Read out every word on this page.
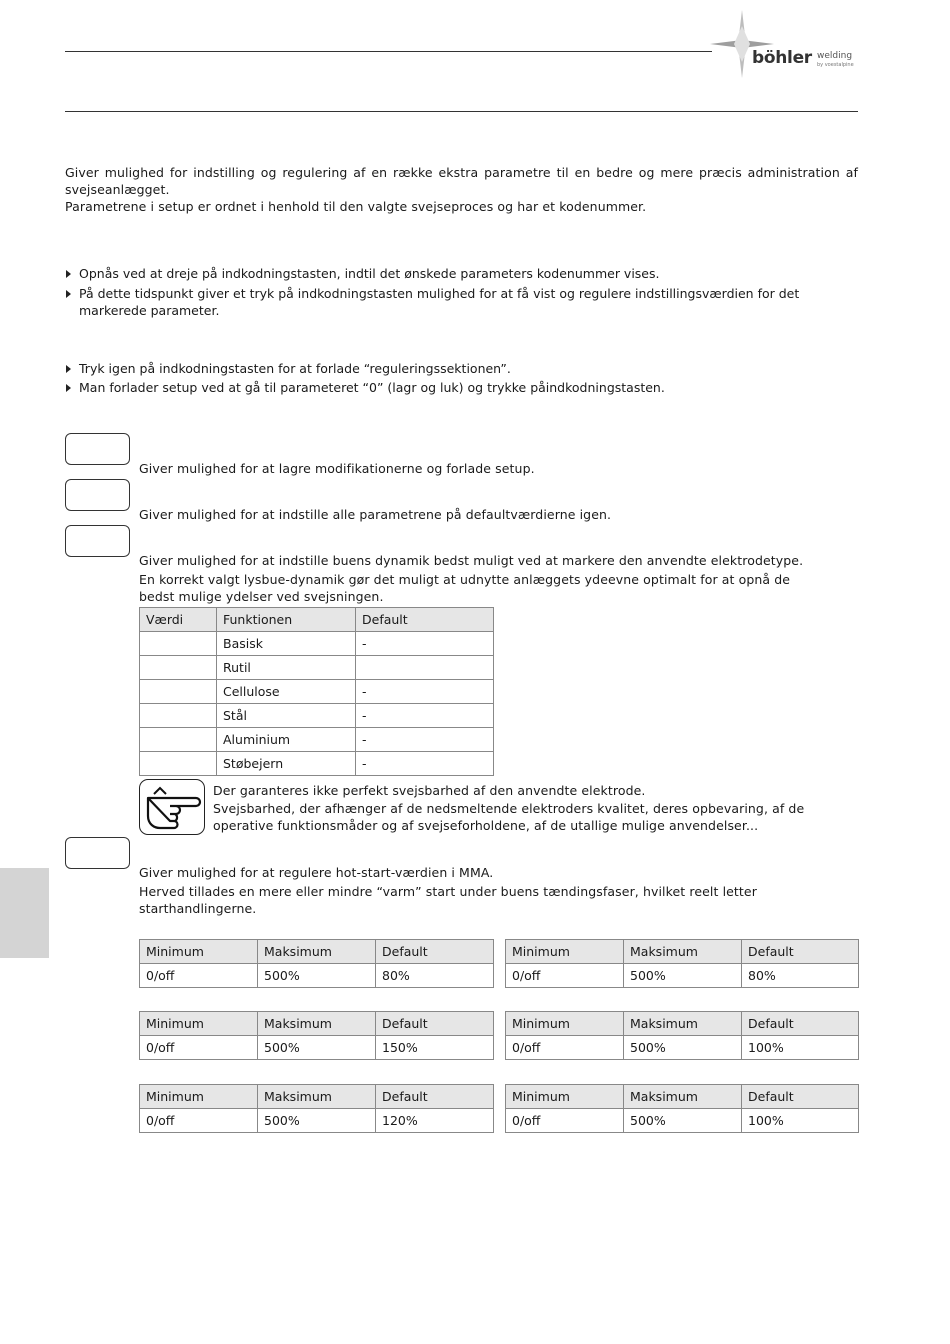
böhler welding
by voestalpine
Giver mulighed for indstilling og regulering af en række ekstra parametre til en bedre og mere præcis administration af svejseanlægget.
Parametrene i setup er ordnet i henhold til den valgte svejseproces og har et kodenummer.
Opnås ved at dreje på indkodningstasten, indtil det ønskede parameters kodenummer vises.
På dette tidspunkt giver et tryk på indkodningstasten mulighed for at få vist og regulere indstillingsværdien for det markerede parameter.
Tryk igen på indkodningstasten for at forlade “reguleringssektionen”.
Man forlader setup ved at gå til parameteret “0” (lagr og luk) og trykke påindkodningstasten.
Giver mulighed for at lagre modifikationerne og forlade setup.
Giver mulighed for at indstille alle parametrene på defaultværdierne igen.
Giver mulighed for at indstille buens dynamik bedst muligt ved at markere den anvendte elektrodetype.
En korrekt valgt lysbue-dynamik gør det muligt at udnytte anlæggets ydeevne optimalt for at opnå de bedst mulige ydelser ved svejsningen.
Værdi	Funktionen	Default
	Basisk	-
	Rutil	
	Cellulose	-
	Stål	-
	Aluminium	-
	Støbejern	-
Der garanteres ikke perfekt svejsbarhed af den anvendte elektrode.
Svejsbarhed, der afhænger af de nedsmeltende elektroders kvalitet, deres opbevaring, af de operative funktionsmåder og af svejseforholdene, af de utallige mulige anvendelser...
Giver mulighed for at regulere hot-start-værdien i MMA.
Herved tillades en mere eller mindre “varm” start under buens tændingsfaser, hvilket reelt letter starthandlingerne.
Minimum	Maksimum	Default
0/off	500%	80%
Minimum	Maksimum	Default
0/off	500%	80%
Minimum	Maksimum	Default
0/off	500%	150%
Minimum	Maksimum	Default
0/off	500%	100%
Minimum	Maksimum	Default
0/off	500%	120%
Minimum	Maksimum	Default
0/off	500%	100%
